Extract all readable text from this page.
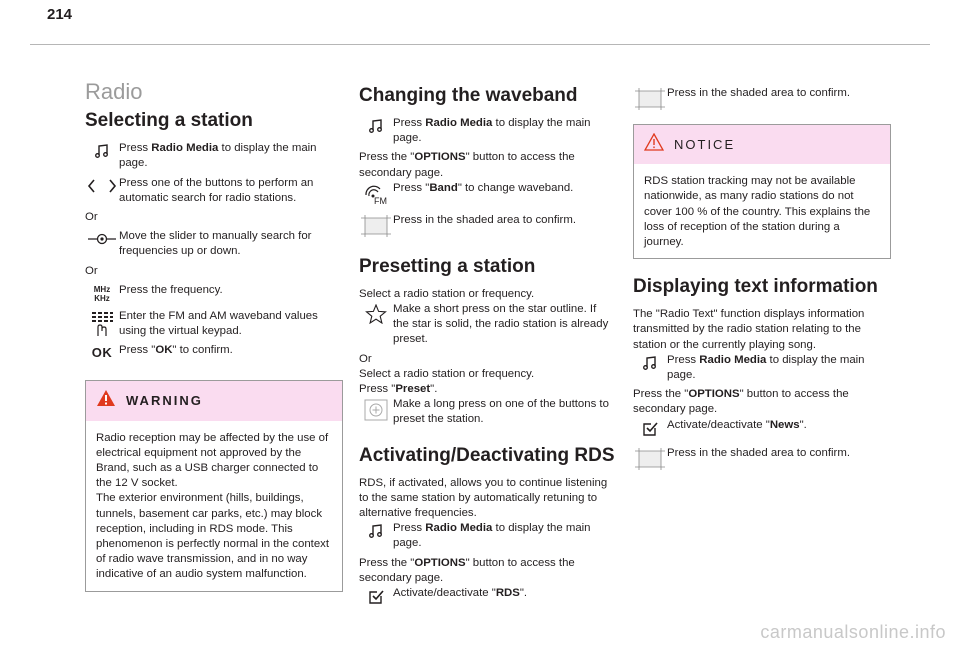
214
Radio
Selecting a station
Press Radio Media to display the main page.
Press one of the buttons to perform an automatic search for radio stations.

Or

Move the slider to manually search for frequencies up or down.

Or

MHz
KHz
Press the frequency.
Enter the FM and AM waveband values using the virtual keypad.
OK Press "OK" to confirm.
WARNING
Radio reception may be affected by the use of electrical equipment not approved by the Brand, such as a USB charger connected to the 12 V socket.
The exterior environment (hills, buildings, tunnels, basement car parks, etc.) may block reception, including in RDS mode. This phenomenon is perfectly normal in the context of radio wave transmission, and in no way indicative of an audio system malfunction.
Changing the waveband
Press Radio Media to display the main page.

Press the "OPTIONS" button to access the secondary page.

FM
Press "Band" to change waveband.
Press in the shaded area to confirm.
Presetting a station

Select a radio station or frequency.

Make a short press on the star outline. If the star is solid, the radio station is already preset.

Or

Select a radio station or frequency.

Press "Preset".

Make a long press on one of the buttons to preset the station.
Activating/Deactivating RDS

RDS, if activated, allows you to continue listening to the same station by automatically retuning to alternative frequencies.

Press Radio Media to display the main page.

Press the "OPTIONS" button to access the secondary page.

Activate/deactivate "RDS".
Press in the shaded area to confirm.
NOTICE
RDS station tracking may not be available nationwide, as many radio stations do not cover 100 % of the country. This explains the loss of reception of the station during a journey.
Displaying text information

The "Radio Text" function displays information transmitted by the radio station relating to the station or the currently playing song.

Press Radio Media to display the main page.

Press the "OPTIONS" button to access the secondary page.

Activate/deactivate "News".
Press in the shaded area to confirm.
carmanualsonline.info
